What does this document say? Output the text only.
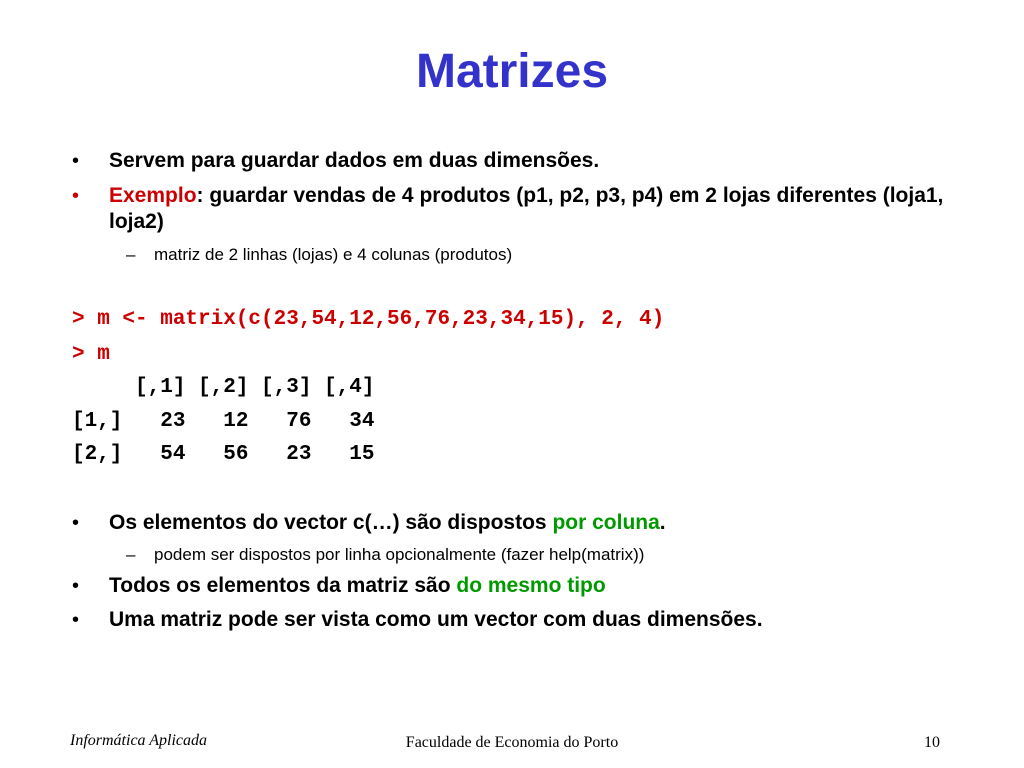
Matrizes
• Servem para guardar dados em duas dimensões.
• Exemplo: guardar vendas de 4 produtos (p1, p2, p3, p4) em 2 lojas diferentes (loja1, loja2)
– matriz de 2 linhas (lojas) e 4 colunas (produtos)
> m <- matrix(c(23,54,12,56,76,23,34,15), 2, 4)
> m
[,1] [,2] [,3] [,4]
[1,]   23   12   76   34
[2,]   54   56   23   15
• Os elementos do vector c(…) são dispostos por coluna.
– podem ser dispostos por linha opcionalmente (fazer help(matrix))
• Todos os elementos da matriz são do mesmo tipo
• Uma matriz pode ser vista como um vector com duas dimensões.
Informática Aplicada	Faculdade de Economia do Porto	10
